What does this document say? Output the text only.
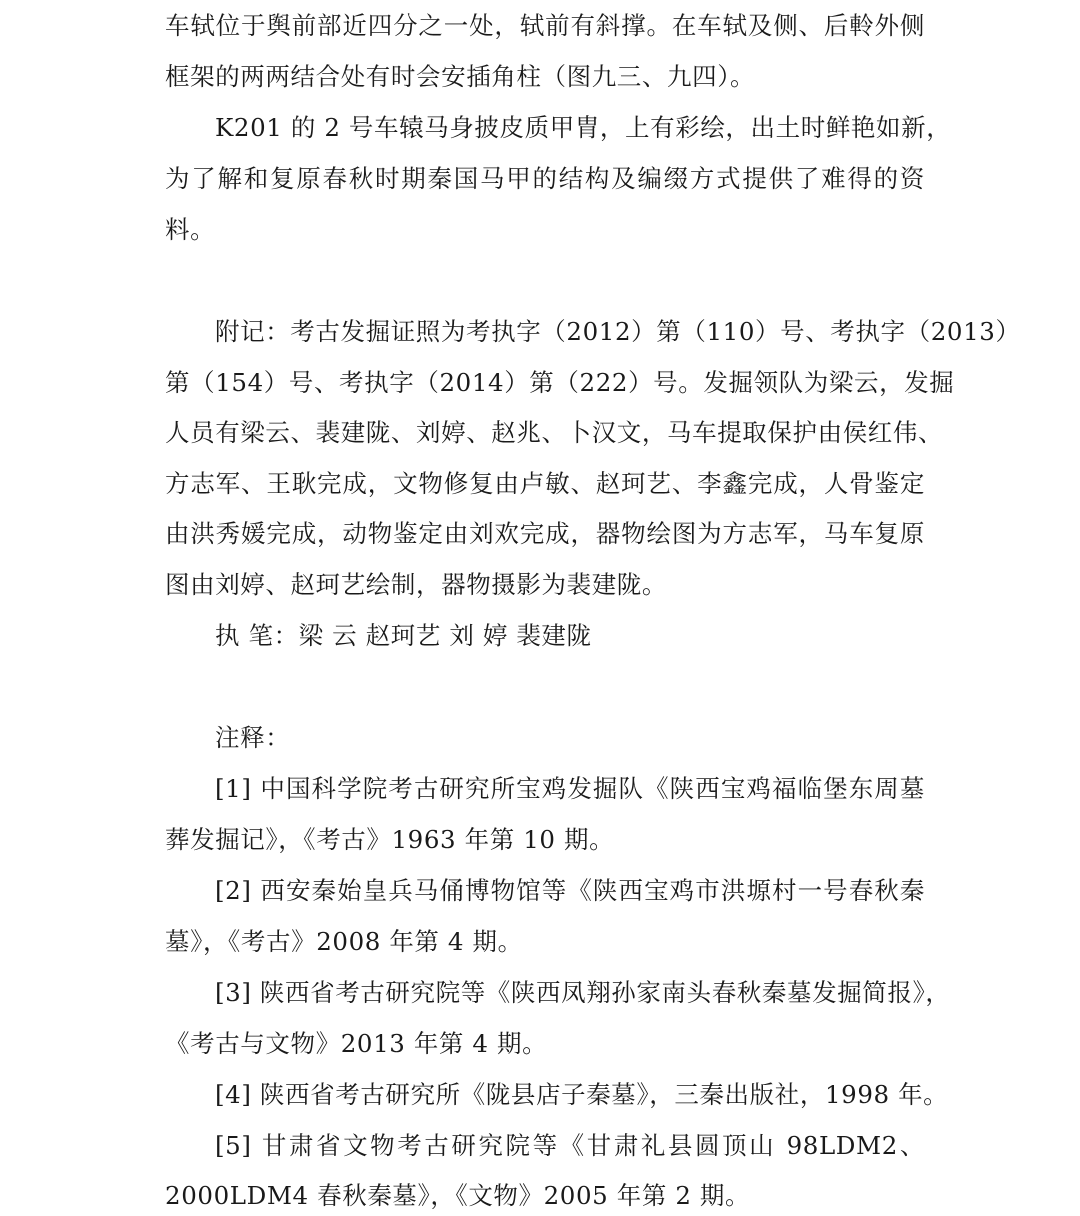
车轼位于舆前部近四分之一处，轼前有斜撑。在车轼及侧、后軨外侧
框架的两两结合处有时会安插角柱（图九三、九四）。
K201 的 2 号车辕马身披皮质甲胄，上有彩绘，出土时鲜艳如新，
为了解和复原春秋时期秦国马甲的结构及编缀方式提供了难得的资
料。
附记：考古发掘证照为考执字（2012）第（110）号、考执字（2013）
第（154）号、考执字（2014）第（222）号。发掘领队为梁云，发掘
人员有梁云、裴建陇、刘婷、赵兆、卜汉文，马车提取保护由侯红伟、
方志军、王耿完成，文物修复由卢敏、赵珂艺、李鑫完成，人骨鉴定
由洪秀媛完成，动物鉴定由刘欢完成，器物绘图为方志军，马车复原
图由刘婷、赵珂艺绘制，器物摄影为裴建陇。
执 笔：梁 云 赵珂艺 刘 婷 裴建陇
注释：
[1] 中国科学院考古研究所宝鸡发掘队《陕西宝鸡福临堡东周墓
葬发掘记》，《考古》1963 年第 10 期。
[2] 西安秦始皇兵马俑博物馆等《陕西宝鸡市洪塬村一号春秋秦
墓》，《考古》2008 年第 4 期。
[3] 陕西省考古研究院等《陕西凤翔孙家南头春秋秦墓发掘简报》，
《考古与文物》2013 年第 4 期。
[4] 陕西省考古研究所《陇县店子秦墓》，三秦出版社，1998 年。
[5] 甘肃省文物考古研究院等《甘肃礼县圆顶山 98LDM2、
2000LDM4 春秋秦墓》，《文物》2005 年第 2 期。
